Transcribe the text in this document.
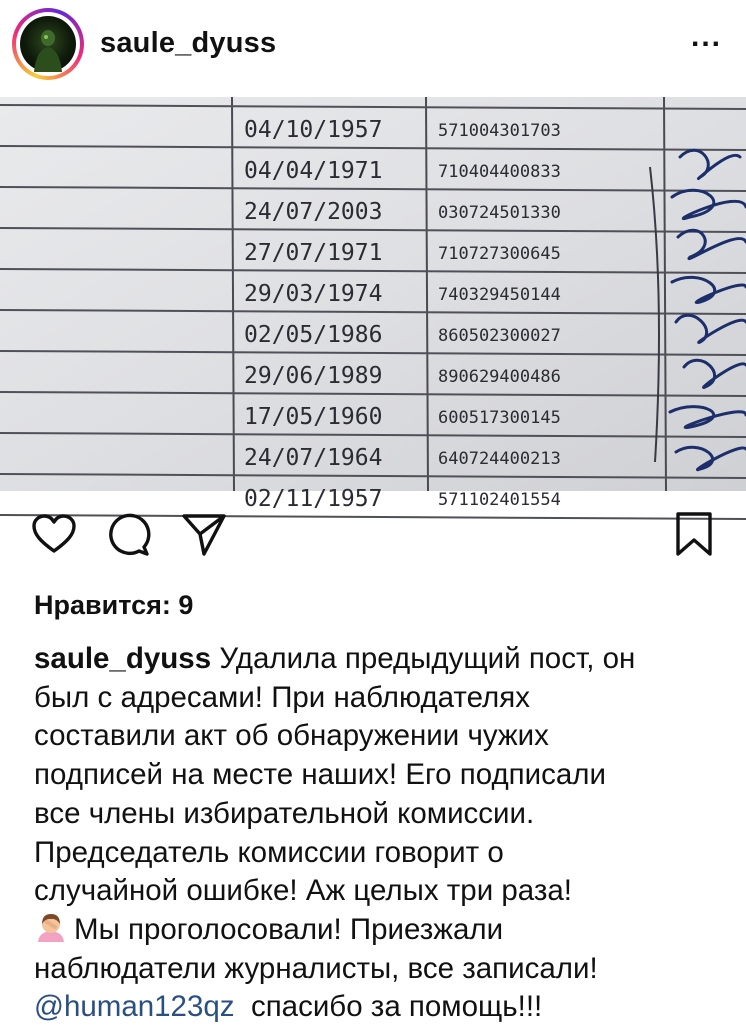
saule_dyuss	...
04/10/1957	571004301703
04/04/1971	710404400833
24/07/2003	030724501330
27/07/1971	710727300645
29/03/1974	740329450144
02/05/1986	860502300027
29/06/1989	890629400486
17/05/1960	600517300145
24/07/1964	640724400213
02/11/1957	571102401554
Нравится: 9
saule_dyuss Удалила предыдущий пост, он
был с адресами! При наблюдателях
составили акт об обнаружении чужих
подписей на месте наших! Его подписали
все члены избирательной комиссии.
Председатель комиссии говорит о
случайной ошибке! Аж целых три раза!
Мы проголосовали! Приезжали
наблюдатели журналисты, все записали!
@human123qz спасибо за помощь!!!
